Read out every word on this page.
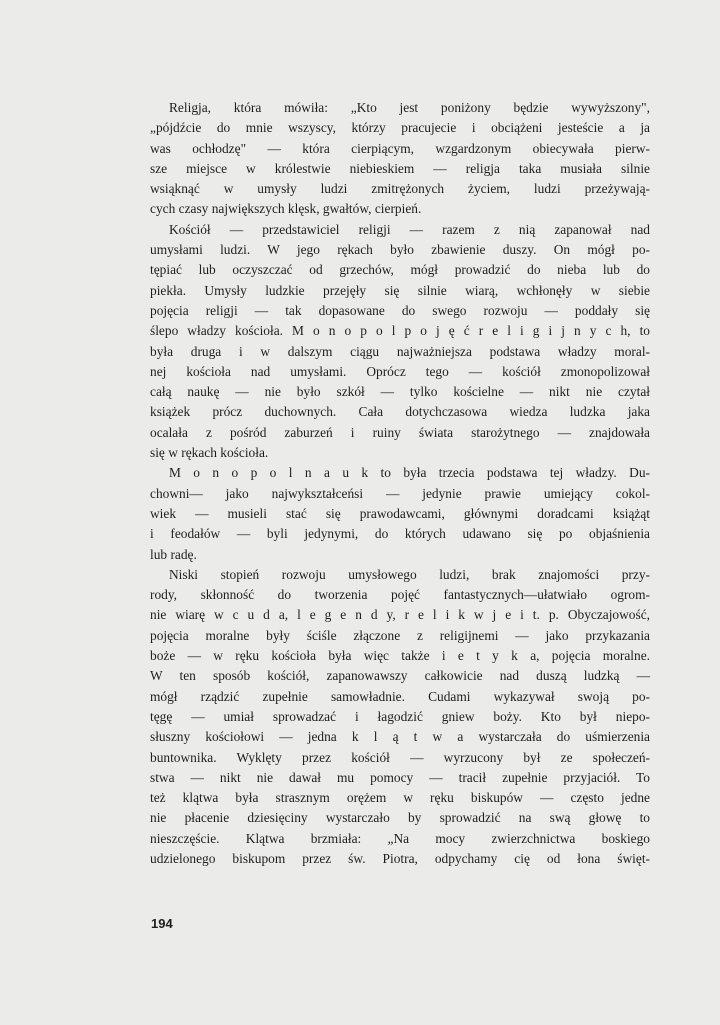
Religja, która mówiła: „Kto jest poniżony będzie wywyższony",
„pójdźcie do mnie wszyscy, którzy pracujecie i obciążeni jesteście a ja
was ochłodzę" — która cierpiącym, wzgardzonym obiecywała pierw-
sze miejsce w królestwie niebieskiem — religja taka musiała silnie
wsiąknąć w umysły ludzi zmitrężonych życiem, ludzi przeżywają-
cych czasy największych klęsk, gwałtów, cierpień.
Kościół — przedstawiciel religji — razem z nią zapanował nad
umysłami ludzi. W jego rękach było zbawienie duszy. On mógł po-
tępiać lub oczyszczać od grzechów, mógł prowadzić do nieba lub do
piekła. Umysły ludzkie przejęły się silnie wiarą, wchłonęły w siebie
pojęcia religji — tak dopasowane do swego rozwoju — poddały się
ślepo władzy kościoła. M o n o p o l p o j ę ć r e l i g i j n y c h, to
była druga i w dalszym ciągu najważniejsza podstawa władzy moral-
nej kościoła nad umysłami. Oprócz tego — kościół zmonopolizował
całą naukę — nie było szkół — tylko kościelne — nikt nie czytał
książek prócz duchownych. Cała dotychczasowa wiedza ludzka jaka
ocalała z pośród zaburzeń i ruiny świata starożytnego — znajdowała
się w rękach kościoła.
M o n o p o l n a u k to była trzecia podstawa tej władzy. Du-
chowni— jako najwykształceńsi — jedynie prawie umiejący cokol-
wiek — musieli stać się prawodawcami, głównymi doradcami książąt
i feodałów — byli jedynymi, do których udawano się po objaśnienia
lub radę.
Niski stopień rozwoju umysłowego ludzi, brak znajomości przy-
rody, skłonność do tworzenia pojęć fantastycznych—ułatwiało ogrom-
nie wiarę w c u d a, l e g e n d y, r e l i k w j e i t. p. Obyczajowość,
pojęcia moralne były ściśle złączone z religijnemi — jako przykazania
boże — w ręku kościoła była więc także i e t y k a, pojęcia moralne.
W ten sposób kościół, zapanowawszy całkowicie nad duszą ludzką —
mógł rządzić zupełnie samowładnie. Cudami wykazywał swoją po-
tęgę — umiał sprowadzać i łagodzić gniew boży. Kto był niepo-
słuszny kościołowi — jedna k l ą t w a wystarczała do uśmierzenia
buntownika. Wyklęty przez kościół — wyrzucony był ze społeczeń-
stwa — nikt nie dawał mu pomocy — tracił zupełnie przyjaciół. To
też klątwa była strasznym orężem w ręku biskupów — często jedne
nie płacenie dziesięciny wystarczało by sprowadzić na swą głowę to
nieszczęście. Klątwa brzmiała: „Na mocy zwierzchnictwa boskiego
udzielonego biskupom przez św. Piotra, odpychamy cię od łona święt-
194
